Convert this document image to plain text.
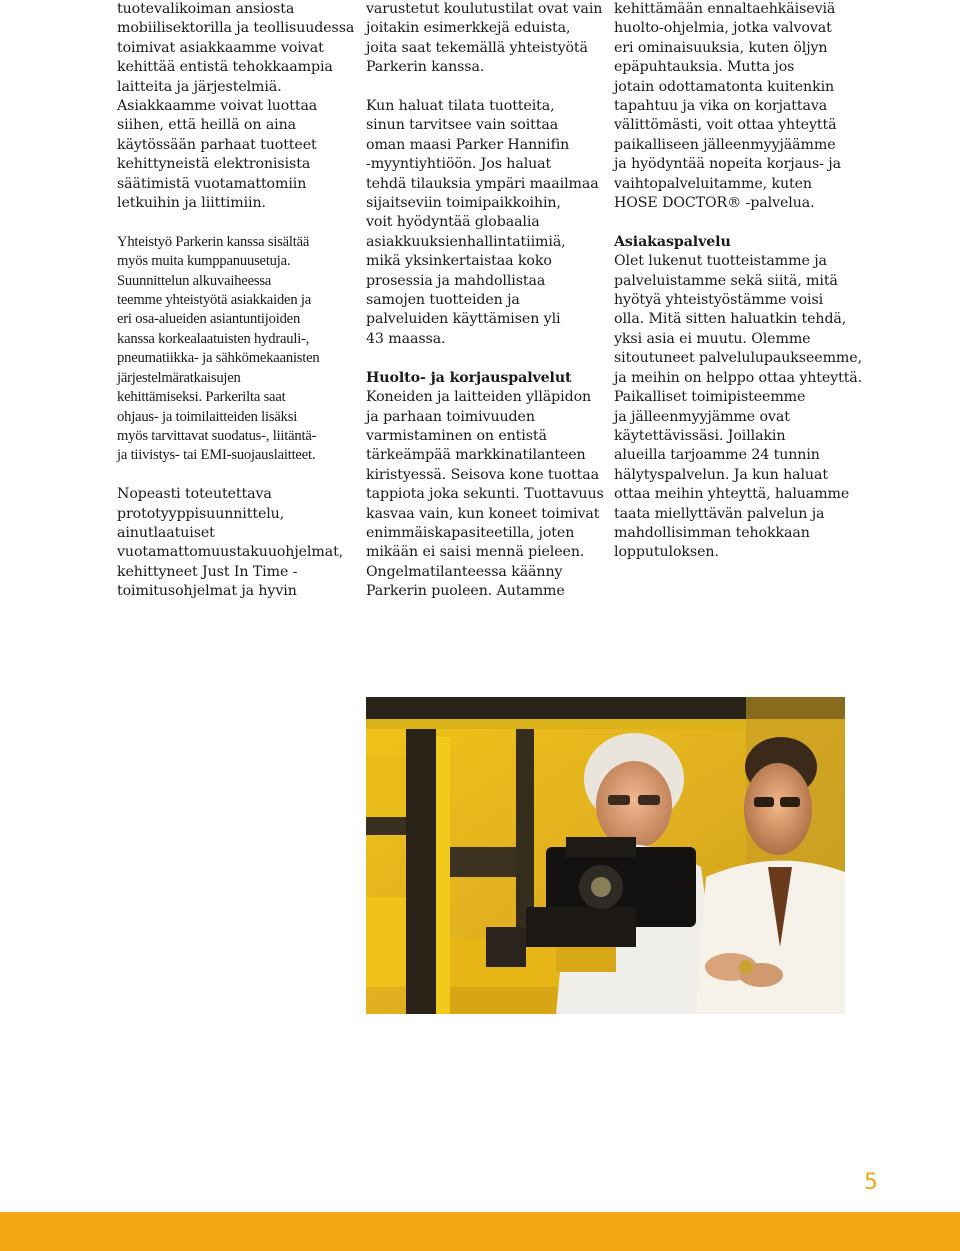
tuotevalikoiman ansiosta
mobiilisektorilla ja teollisuudessa
toimivat asiakkaamme voivat
kehittää entistä tehokkaampia
laitteita ja järjestelmiä.
Asiakkaamme voivat luottaa
siihen, että heillä on aina
käytössään parhaat tuotteet
kehittyneistä elektronisista
säätimistä vuotamattomiin
letkuihin ja liittimiin.

Yhteistyö Parkerin kanssa sisältää
myös muita kumppanuusetuja.
Suunnittelun alkuvaiheessa
teemme yhteistyötä asiakkaiden ja
eri osa-alueiden asiantuntijoiden
kanssa korkealaatuisten hydrauli-,
pneumatiikka- ja sähkömekaanisten
järjestelmäratkaisujen
kehittämiseksi. Parkerilta saat
ohjaus- ja toimilaitteiden lisäksi
myös tarvittavat suodatus-, liitäntä-
ja tiivistys- tai EMI-suojauslaitteet.

Nopeasti toteutettava
prototyyppisuunnittelu,
ainutlaatuiset
vuotamattomuustakuuohjelmat,
kehittyneet Just In Time -
toimitusohjelmat ja hyvin

varustetut koulutustilat ovat vain
joitakin esimerkkejä eduista,
joita saat tekemällä yhteistyötä
Parkerin kanssa.

Kun haluat tilata tuotteita,
sinun tarvitsee vain soittaa
oman maasi Parker Hannifin
-myyntiyhtiöön. Jos haluat
tehdä tilauksia ympäri maailmaa
sijaitseviin toimipaikkoihin,
voit hyödyntää globaalia
asiakkuuksienhallintatiimiä,
mikä yksinkertaistaa koko
prosessia ja mahdollistaa
samojen tuotteiden ja
palveluiden käyttämisen yli
43 maassa.

Huolto- ja korjauspalvelut
Koneiden ja laitteiden ylläpidon
ja parhaan toimivuuden
varmistaminen on entistä
tärkeämpää markkinatilanteen
kiristyessä. Seisova kone tuottaa
tappiota joka sekunti. Tuottavuus
kasvaa vain, kun koneet toimivat
enimmäiskapasiteetilla, joten
mikään ei saisi mennä pieleen.
Ongelmatilanteessa käänny
Parkerin puoleen. Autamme

kehittämään ennaltaehkäiseviä
huolto-ohjelmia, jotka valvovat
eri ominaisuuksia, kuten öljyn
epäpuhtauksia. Mutta jos
jotain odottamatonta kuitenkin
tapahtuu ja vika on korjattava
välittömästi, voit ottaa yhteyttä
paikalliseen jälleenmyyjäämme
ja hyödyntää nopeita korjaus- ja
vaihtopalveluitamme, kuten
HOSE DOCTOR® -palvelua.

Asiakaspalvelu
Olet lukenut tuotteistamme ja
palveluistamme sekä siitä, mitä
hyötyä yhteistyöstämme voisi
olla. Mitä sitten haluatkin tehdä,
yksi asia ei muutu. Olemme
sitoutuneet palvelulupaukseemme,
ja meihin on helppo ottaa yhteyttä.
Paikalliset toimipisteemme
ja jälleenmyyjämme ovat
käytettävissäsi. Joillakin
alueilla tarjoamme 24 tunnin
hälytyspalvelun. Ja kun haluat
ottaa meihin yhteyttä, haluamme
taata miellyttävän palvelun ja
mahdollisimman tehokkaan
lopputuloksen.

5
